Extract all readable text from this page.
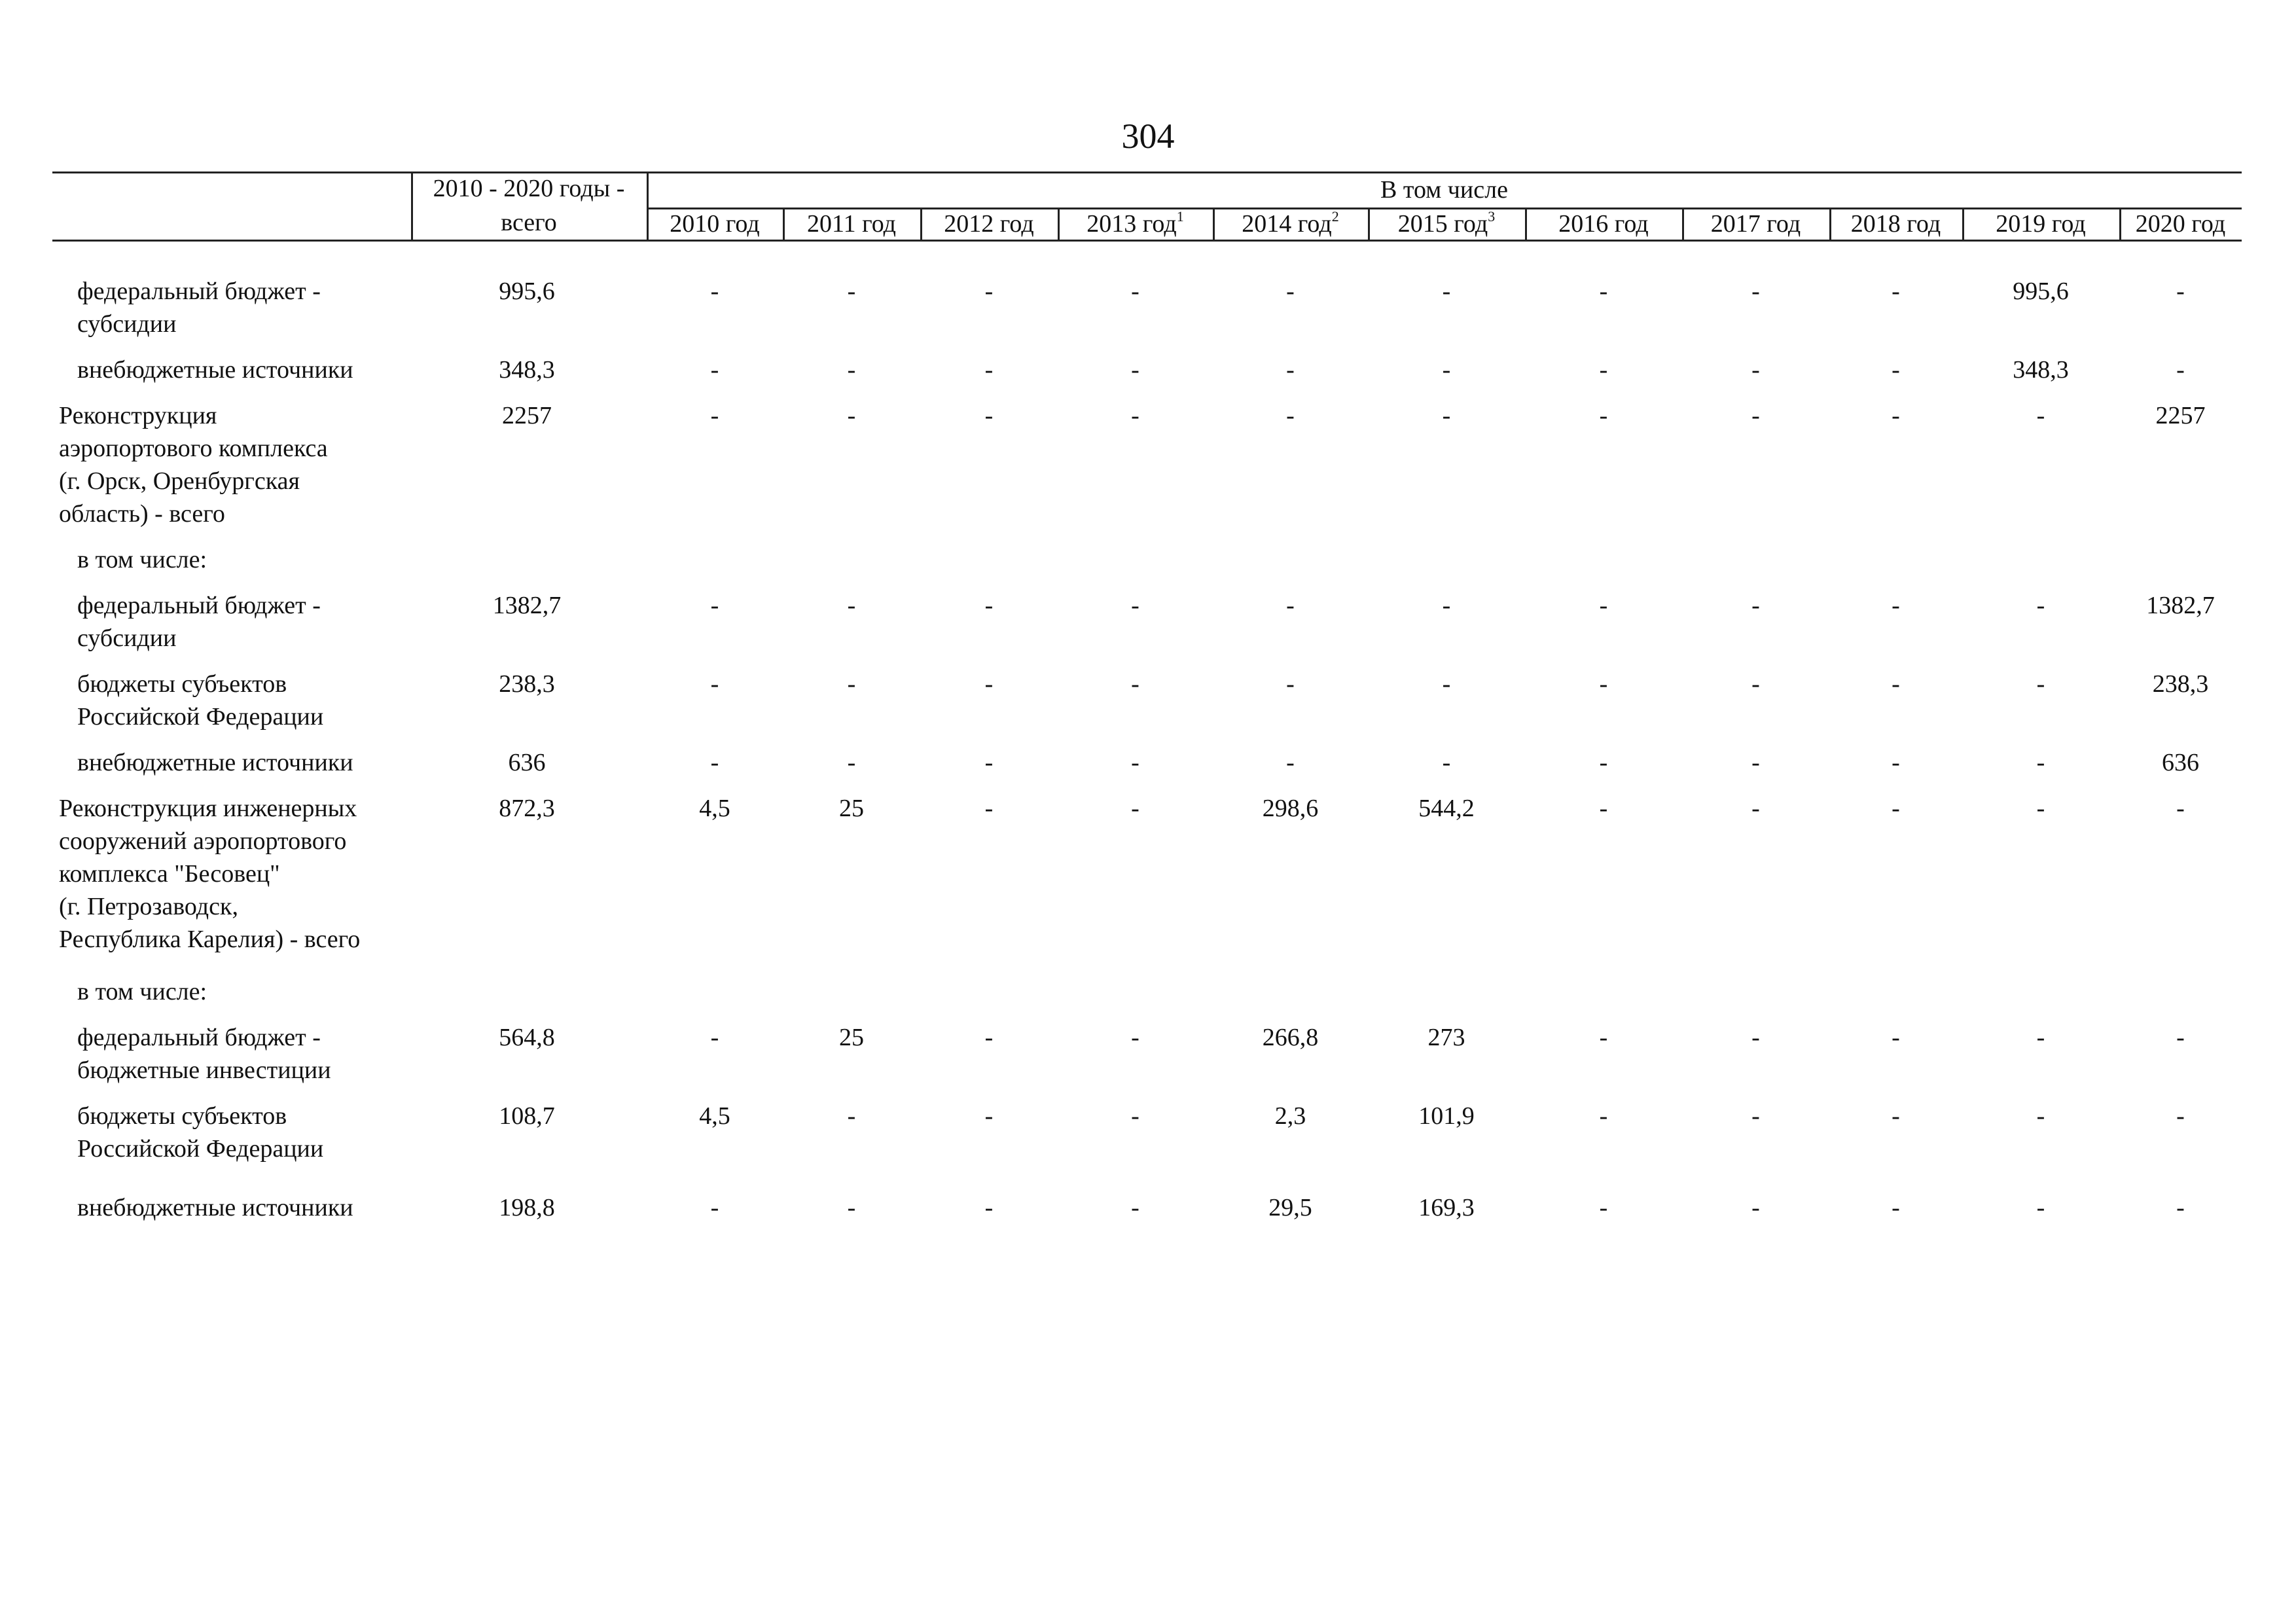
304
2010 - 2020 годы -
всего
В том числе
2010 год	2011 год	2012 год	2013 год$^1$	2014 год$^2$	2015 год$^3$	2016 год	2017 год	2018 год	2019 год	2020 год
федеральный бюджет -
субсидии
995,6	-	-	-	-	-	-	-	-	-	995,6	-
внебюджетные источники	348,3	-	-	-	-	-	-	-	-	-	348,3	-
Реконструкция
аэропортового комплекса
(г. Орск, Оренбургская
область) - всего
2257	-	-	-	-	-	-	-	-	-	-	2257
в том числе:
федеральный бюджет -
субсидии
1382,7	-	-	-	-	-	-	-	-	-	-	1382,7
бюджеты субъектов
Российской Федерации
238,3	-	-	-	-	-	-	-	-	-	-	238,3
внебюджетные источники	636	-	-	-	-	-	-	-	-	-	-	636
Реконструкция инженерных
сооружений аэропортового
комплекса "Бесовец"
(г. Петрозаводск,
Республика Карелия) - всего
872,3	4,5	25	-	-	298,6	544,2	-	-	-	-	-
в том числе:
федеральный бюджет -
бюджетные инвестиции
564,8	-	25	-	-	266,8	273	-	-	-	-	-
бюджеты субъектов
Российской Федерации
108,7	4,5	-	-	-	2,3	101,9	-	-	-	-	-
внебюджетные источники	198,8	-	-	-	-	29,5	169,3	-	-	-	-	-
